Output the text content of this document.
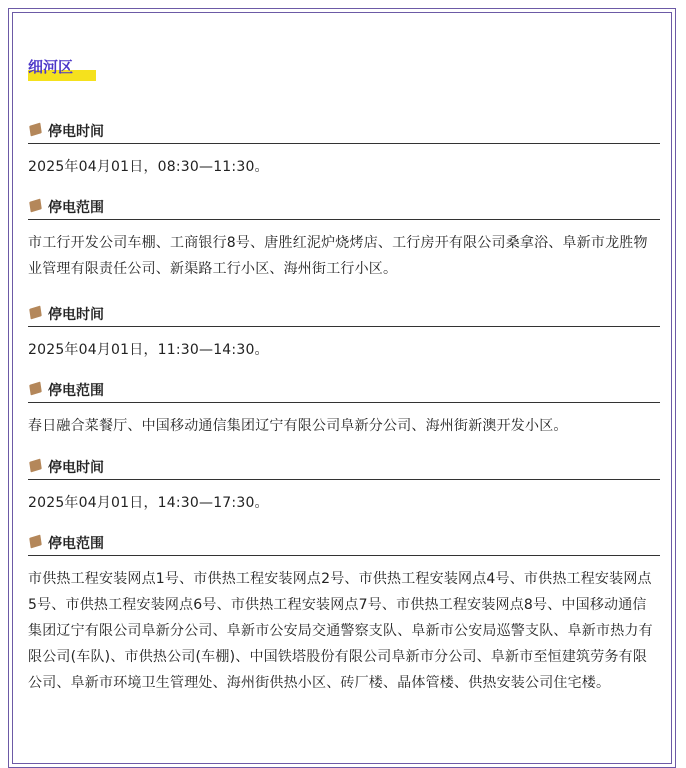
细河区
停电时间
2025年04月01日，08:30—11:30。
停电范围
市工行开发公司车棚、工商银行8号、唐胜红泥炉烧烤店、工行房开有限公司桑拿浴、阜新市龙胜物业管理有限责任公司、新渠路工行小区、海州街工行小区。
停电时间
2025年04月01日，11:30—14:30。
停电范围
春日融合菜餐厅、中国移动通信集团辽宁有限公司阜新分公司、海州街新澳开发小区。
停电时间
2025年04月01日，14:30—17:30。
停电范围
市供热工程安装网点1号、市供热工程安装网点2号、市供热工程安装网点4号、市供热工程安装网点5号、市供热工程安装网点6号、市供热工程安装网点7号、市供热工程安装网点8号、中国移动通信集团辽宁有限公司阜新分公司、阜新市公安局交通警察支队、阜新市公安局巡警支队、阜新市热力有限公司(车队)、市供热公司(车棚)、中国铁塔股份有限公司阜新市分公司、阜新市至恒建筑劳务有限公司、阜新市环境卫生管理处、海州街供热小区、砖厂楼、晶体管楼、供热安装公司住宅楼。
